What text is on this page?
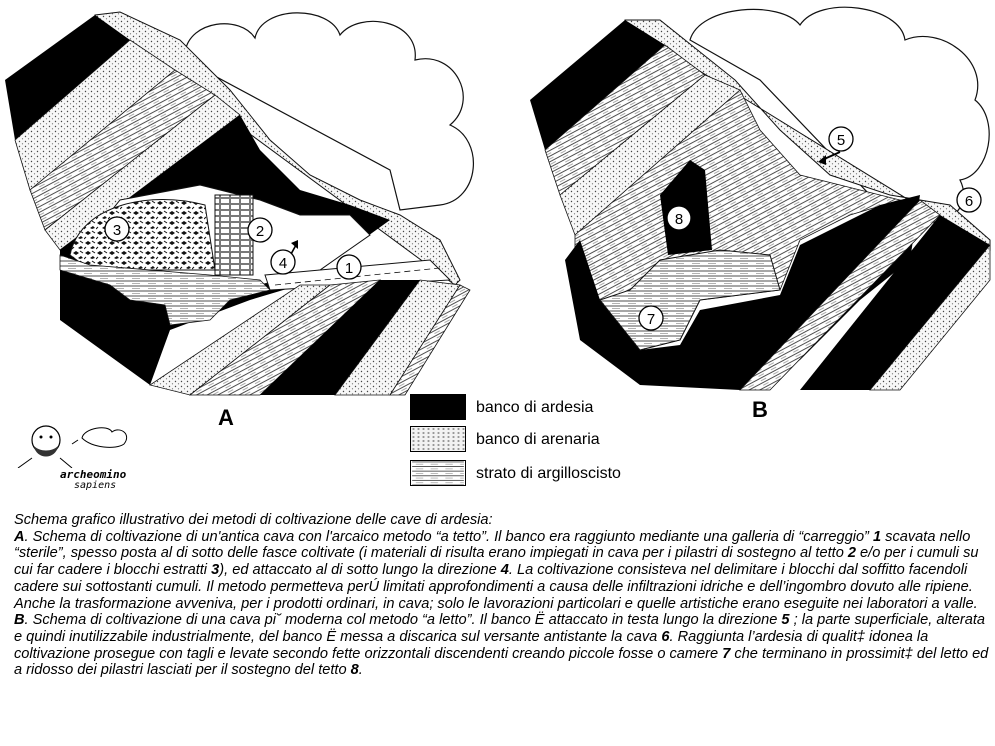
1
2
3
4
5
6
7
8
A	B
banco di ardesia
banco di arenaria
strato di argilloscisto
archeomino
sapiens

Schema grafico illustrativo dei metodi di coltivazione delle cave di ardesia:

A. Schema di coltivazione di un'antica cava con l'arcaico metodo “a tetto”. Il banco era raggiunto mediante una galleria di “carreggio” 1 scavata nello “sterile”, spesso posta al di sotto delle fasce coltivate (i materiali di risulta erano impiegati in cava per i pilastri di sostegno al tetto 2 e/o per i cumuli su cui far cadere i blocchi estratti 3), ed attaccato al di sotto lungo la direzione 4. La coltivazione consisteva nel delimitare i blocchi dal soffitto facendoli cadere sui sottostanti cumuli. Il metodo permetteva perÚ limitati approfondimenti a causa delle infiltrazioni idriche e dell’ingombro dovuto alle ripiene. Anche la trasformazione avveniva, per i prodotti ordinari, in cava; solo le lavorazioni particolari e quelle artistiche erano eseguite nei laboratori a valle.

B. Schema di coltivazione di una cava pi˘ moderna col metodo “a letto”. Il banco Ë attaccato in testa lungo la direzione 5 ; la parte superficiale, alterata e quindi inutilizzabile industrialmente, del banco Ë messa a discarica sul versante antistante la cava 6. Raggiunta l’ardesia di qualit‡ idonea la coltivazione prosegue con tagli e levate secondo fette orizzontali discendenti creando piccole fosse o camere 7 che terminano in prossimit‡ del letto ed a ridosso dei pilastri lasciati per il sostegno del tetto 8.
